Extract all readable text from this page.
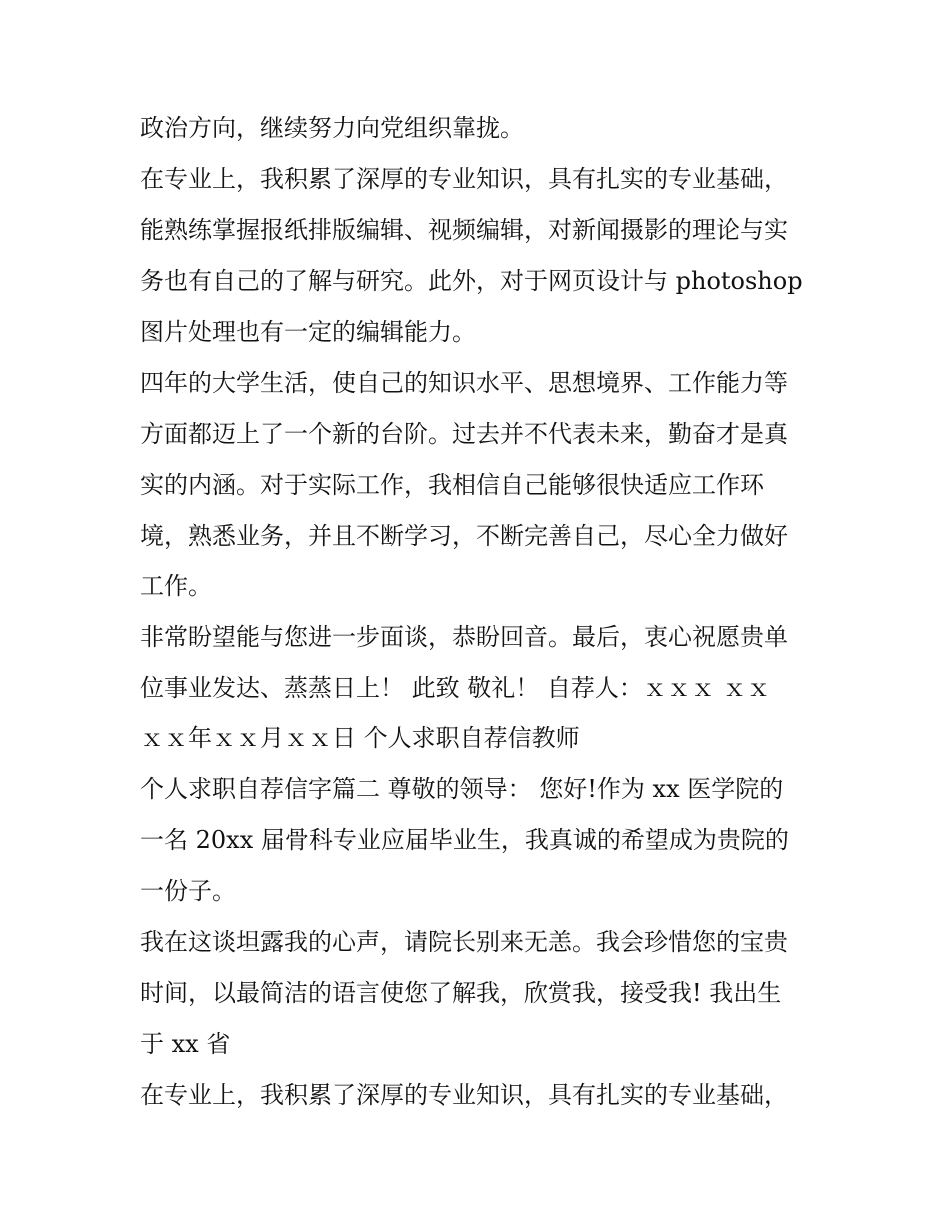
政治方向，继续努力向党组织靠拢。
在专业上，我积累了深厚的专业知识，具有扎实的专业基础，
能熟练掌握报纸排版编辑、视频编辑，对新闻摄影的理论与实
务也有自己的了解与研究。此外，对于网页设计与 photoshop
图片处理也有一定的编辑能力。
四年的大学生活，使自己的知识水平、思想境界、工作能力等
方面都迈上了一个新的台阶。过去并不代表未来，勤奋才是真
实的内涵。对于实际工作，我相信自己能够很快适应工作环
境，熟悉业务，并且不断学习，不断完善自己，尽心全力做好
工作。
非常盼望能与您进一步面谈，恭盼回音。最后，衷心祝愿贵单
位事业发达、蒸蒸日上！ 此致 敬礼！ 自荐人：ｘｘｘ ｘｘ
ｘｘ年ｘｘ月ｘｘ日 个人求职自荐信教师
个人求职自荐信字篇二 尊敬的领导： 您好!作为 xx 医学院的
一名 20xx 届骨科专业应届毕业生，我真诚的希望成为贵院的
一份子。
我在这谈坦露我的心声，请院长别来无恙。我会珍惜您的宝贵
时间，以最简洁的语言使您了解我，欣赏我，接受我! 我出生
于 xx 省
在专业上，我积累了深厚的专业知识，具有扎实的专业基础，
